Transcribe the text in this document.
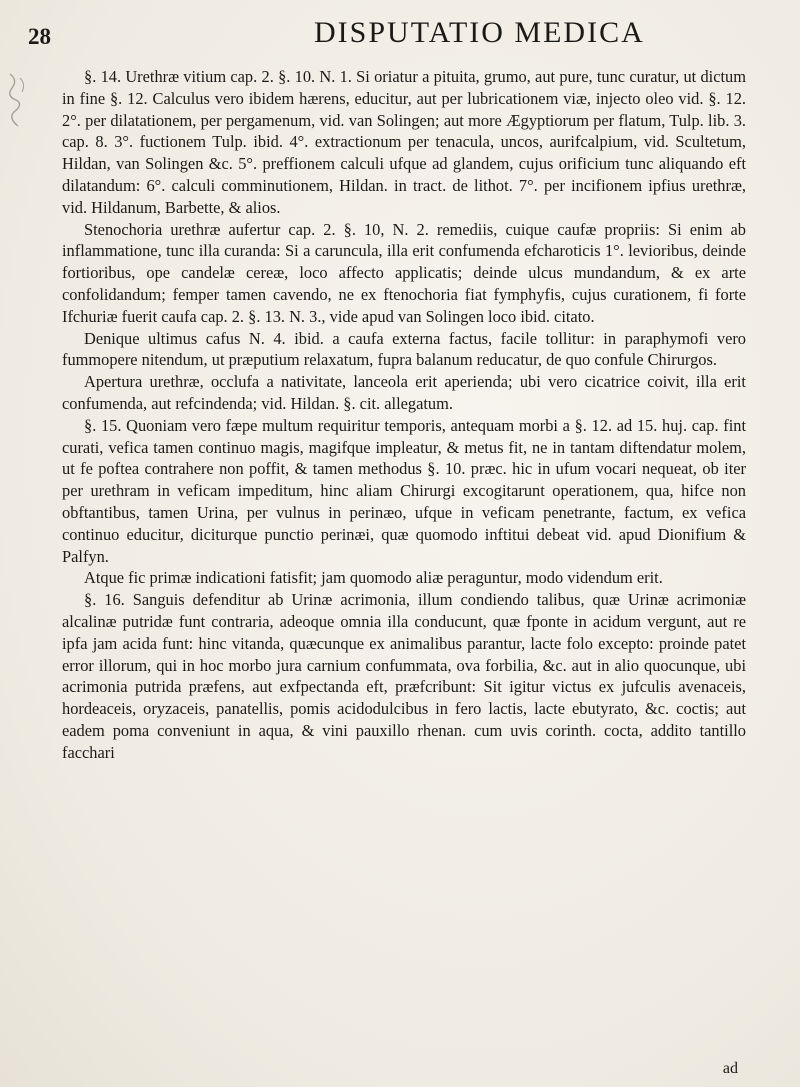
28	DISPUTATIO MEDICA

§. 14. Urethræ vitium cap. 2. §. 10. N. 1. Si oriatur a pituita, grumo, aut pure, tunc curatur, ut dictum in fine §. 12. Calculus vero ibidem hærens, educitur, aut per lubricationem viæ, injecto oleo vid. §. 12. 2°. per dilatationem, per pergamenum, vid. van Solingen; aut more Ægyptiorum per flatum, Tulp. lib. 3. cap. 8. 3°. fuctionem Tulp. ibid. 4°. extractionum per tenacula, uncos, aurifcalpium, vid. Scultetum, Hildan, van Solingen &c. 5°. preffionem calculi ufque ad glandem, cujus orificium tunc aliquando eft dilatandum: 6°. calculi comminutionem, Hildan. in tract. de lithot. 7°. per incifionem ipfius urethræ, vid. Hildanum, Barbette, & alios.

Stenochoria urethræ aufertur cap. 2. §. 10, N. 2. remediis, cuique caufæ propriis: Si enim ab inflammatione, tunc illa curanda: Si a caruncula, illa erit confumenda efcharoticis 1°. levioribus, deinde fortioribus, ope candelæ cereæ, loco affecto applicatis; deinde ulcus mundandum, & ex arte confolidandum; femper tamen cavendo, ne ex ftenochoria fiat fymphyfis, cujus curationem, fi forte Ifchuriæ fuerit caufa cap. 2. §. 13. N. 3., vide apud van Solingen loco ibid. citato.

Denique ultimus cafus N. 4. ibid. a caufa externa factus, facile tollitur: in paraphymofi vero fummopere nitendum, ut præputium relaxatum, fupra balanum reducatur, de quo confule Chirurgos.

Apertura urethræ, occlufa a nativitate, lanceola erit aperienda; ubi vero cicatrice coivit, illa erit confumenda, aut refcindenda; vid. Hildan. §. cit. allegatum.

§. 15. Quoniam vero fæpe multum requiritur temporis, antequam morbi a §. 12. ad 15. huj. cap. fint curati, vefica tamen continuo magis, magifque impleatur, & metus fit, ne in tantam diftendatur molem, ut fe poftea contrahere non poffit, & tamen methodus §. 10. præc. hic in ufum vocari nequeat, ob iter per urethram in veficam impeditum, hinc aliam Chirurgi excogitarunt operationem, qua, hifce non obftantibus, tamen Urina, per vulnus in perinæo, ufque in veficam penetrante, factum, ex vefica continuo educitur, diciturque punctio perinæi, quæ quomodo inftitui debeat vid. apud Dionifium & Palfyn.

Atque fic primæ indicationi fatisfit; jam quomodo aliæ peraguntur, modo videndum erit.

§. 16. Sanguis defenditur ab Urinæ acrimonia, illum condiendo talibus, quæ Urinæ acrimoniæ alcalinæ putridæ funt contraria, adeoque omnia illa conducunt, quæ fponte in acidum vergunt, aut re ipfa jam acida funt: hinc vitanda, quæcunque ex animalibus parantur, lacte folo excepto: proinde patet error illorum, qui in hoc morbo jura carnium confummata, ova forbilia, &c. aut in alio quocunque, ubi acrimonia putrida præfens, aut exfpectanda eft, præfcribunt: Sit igitur victus ex jufculis avenaceis, hordeaceis, oryzaceis, panatellis, pomis acidodulcibus in fero lactis, lacte ebutyrato, &c. coctis; aut eadem poma conveniunt in aqua, & vini pauxillo rhenan. cum uvis corinth. cocta, addito tantillo facchari

ad
